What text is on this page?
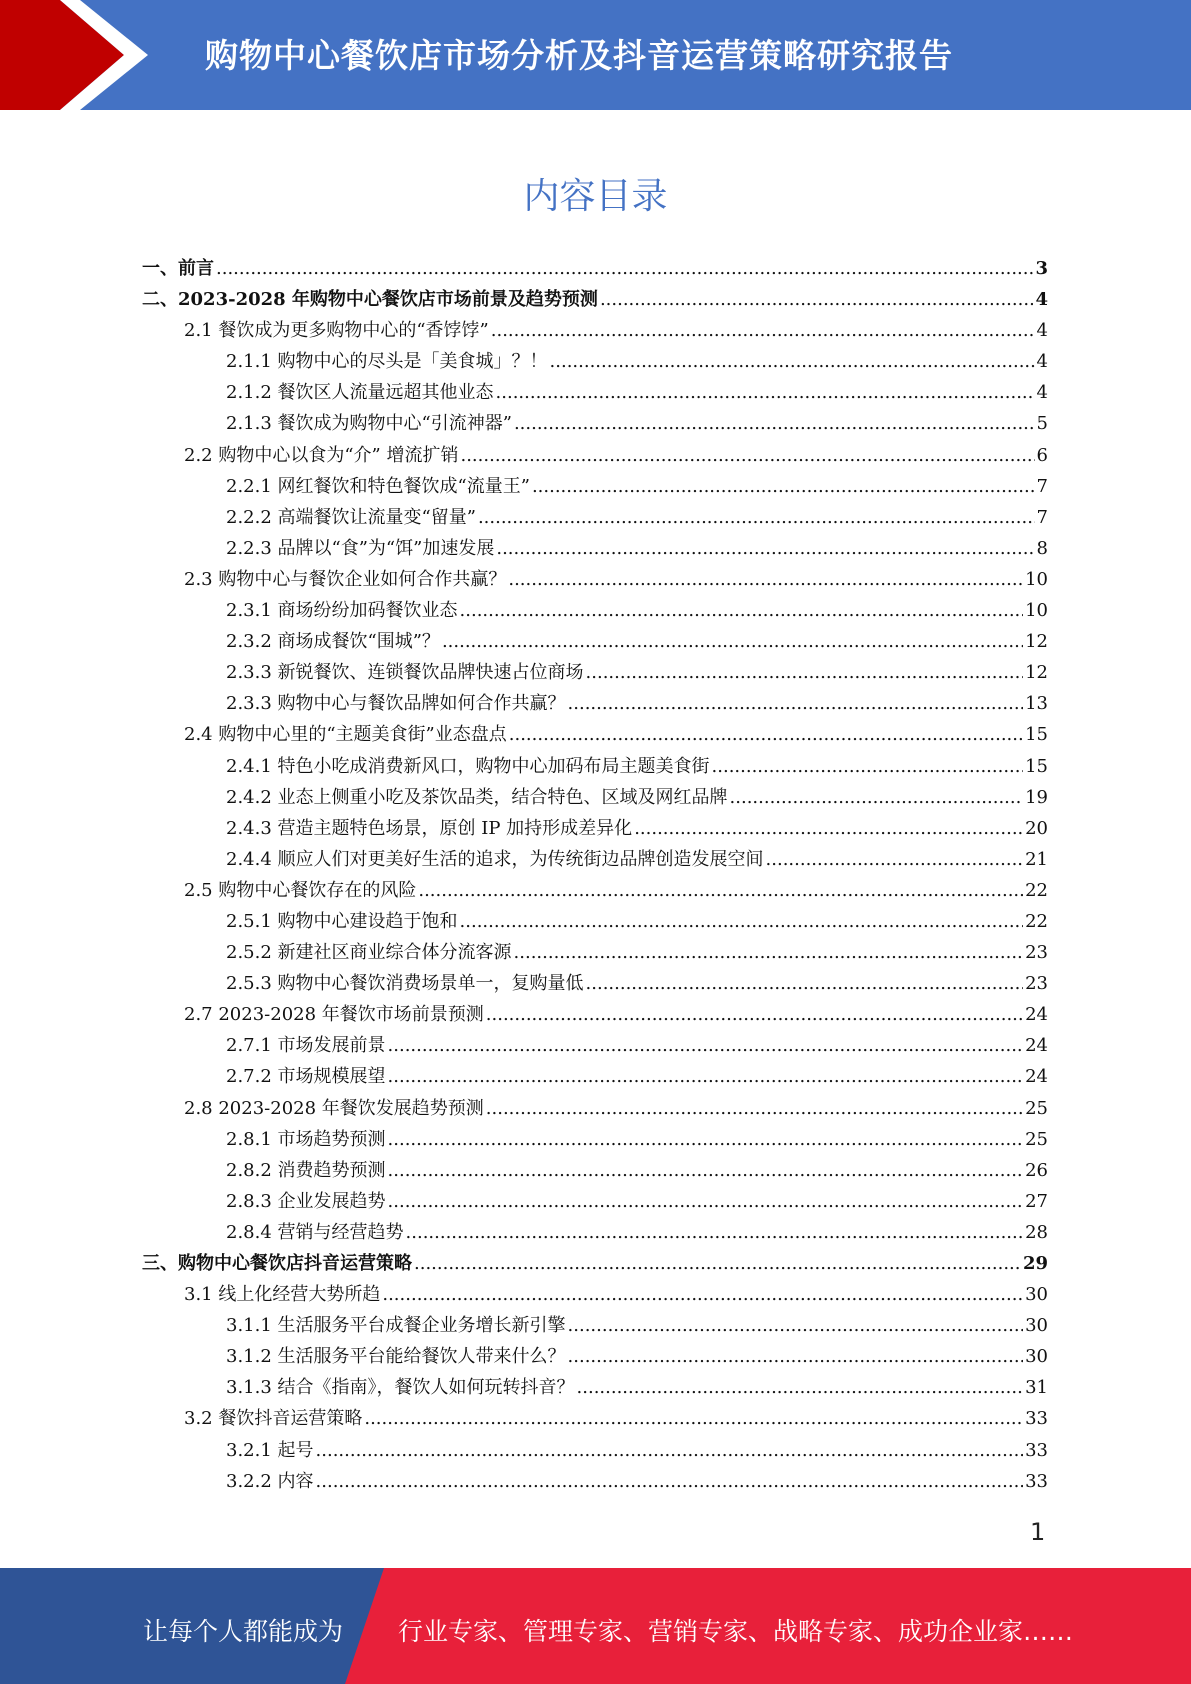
购物中心餐饮店市场分析及抖音运营策略研究报告
内容目录
一、前言 .....	3
二、2023-2028 年购物中心餐饮店市场前景及趋势预测 .....	4
2.1 餐饮成为更多购物中心的“香饽饽” .....	4
2.1.1 购物中心的尽头是「美食城」？！ .....	4
2.1.2 餐饮区人流量远超其他业态 .....	4
2.1.3 餐饮成为购物中心“引流神器” .....	5
2.2 购物中心以食为“介” 增流扩销 .....	6
2.2.1 网红餐饮和特色餐饮成“流量王” .....	7
2.2.2 高端餐饮让流量变“留量” .....	7
2.2.3 品牌以“食”为“饵”加速发展 .....	8
2.3 购物中心与餐饮企业如何合作共赢？ .....	10
2.3.1 商场纷纷加码餐饮业态 .....	10
2.3.2 商场成餐饮“围城”？ .....	12
2.3.3 新锐餐饮、连锁餐饮品牌快速占位商场 .....	12
2.3.3 购物中心与餐饮品牌如何合作共赢？ .....	13
2.4 购物中心里的“主题美食街”业态盘点 .....	15
2.4.1 特色小吃成消费新风口，购物中心加码布局主题美食街 .....	15
2.4.2 业态上侧重小吃及茶饮品类，结合特色、区域及网红品牌 .....	19
2.4.3 营造主题特色场景，原创 IP 加持形成差异化 .....	20
2.4.4 顺应人们对更美好生活的追求，为传统街边品牌创造发展空间 .....	21
2.5 购物中心餐饮存在的风险 .....	22
2.5.1 购物中心建设趋于饱和 .....	22
2.5.2 新建社区商业综合体分流客源 .....	23
2.5.3 购物中心餐饮消费场景单一，复购量低 .....	23
2.7 2023-2028 年餐饮市场前景预测 .....	24
2.7.1 市场发展前景 .....	24
2.7.2 市场规模展望 .....	24
2.8 2023-2028 年餐饮发展趋势预测 .....	25
2.8.1 市场趋势预测 .....	25
2.8.2 消费趋势预测 .....	26
2.8.3 企业发展趋势 .....	27
2.8.4 营销与经营趋势 .....	28
三、购物中心餐饮店抖音运营策略 .....	29
3.1 线上化经营大势所趋 .....	30
3.1.1 生活服务平台成餐企业务增长新引擎 .....	30
3.1.2 生活服务平台能给餐饮人带来什么？ .....	30
3.1.3 结合《指南》，餐饮人如何玩转抖音？ .....	31
3.2 餐饮抖音运营策略 .....	33
3.2.1 起号 .....	33
3.2.2 内容 .....	33
1
让每个人都能成为 行业专家、管理专家、营销专家、战略专家、成功企业家……
